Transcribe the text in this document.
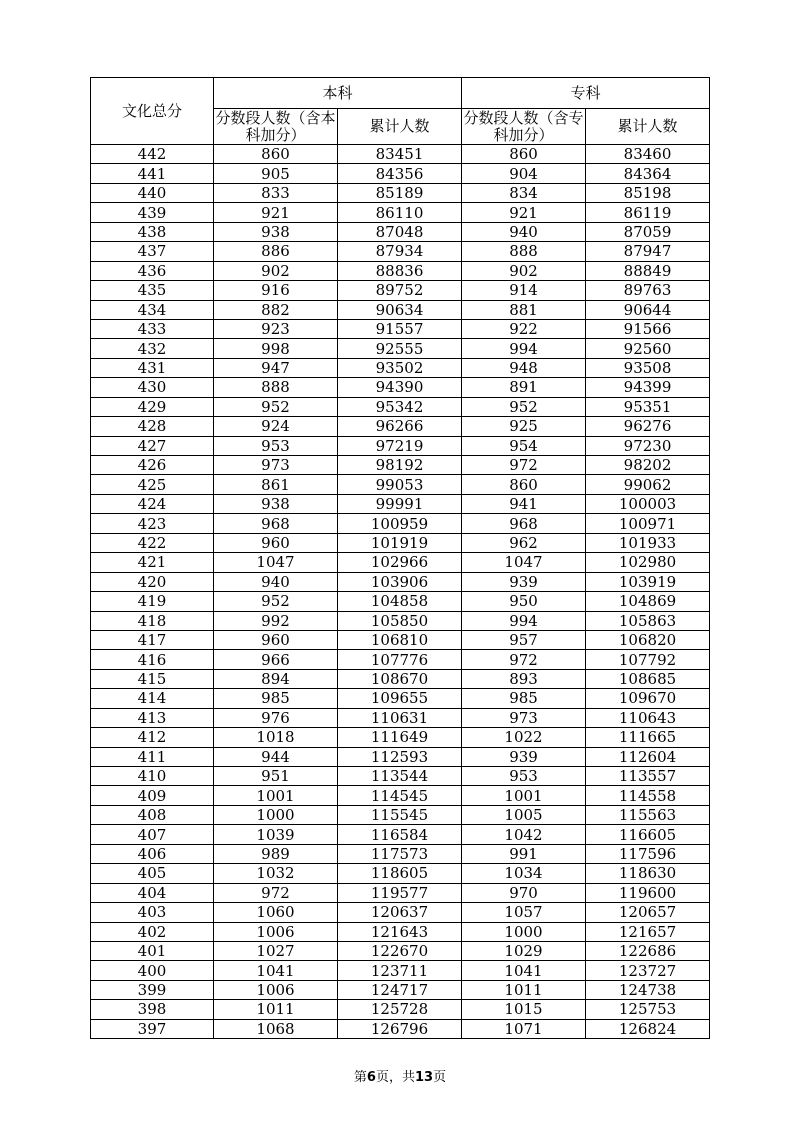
文化总分	本科		专科	
	分数段人数（含本科加分）	累计人数	分数段人数（含专科加分）	累计人数
442	860	83451	860	83460
441	905	84356	904	84364
440	833	85189	834	85198
439	921	86110	921	86119
438	938	87048	940	87059
437	886	87934	888	87947
436	902	88836	902	88849
435	916	89752	914	89763
434	882	90634	881	90644
433	923	91557	922	91566
432	998	92555	994	92560
431	947	93502	948	93508
430	888	94390	891	94399
429	952	95342	952	95351
428	924	96266	925	96276
427	953	97219	954	97230
426	973	98192	972	98202
425	861	99053	860	99062
424	938	99991	941	100003
423	968	100959	968	100971
422	960	101919	962	101933
421	1047	102966	1047	102980
420	940	103906	939	103919
419	952	104858	950	104869
418	992	105850	994	105863
417	960	106810	957	106820
416	966	107776	972	107792
415	894	108670	893	108685
414	985	109655	985	109670
413	976	110631	973	110643
412	1018	111649	1022	111665
411	944	112593	939	112604
410	951	113544	953	113557
409	1001	114545	1001	114558
408	1000	115545	1005	115563
407	1039	116584	1042	116605
406	989	117573	991	117596
405	1032	118605	1034	118630
404	972	119577	970	119600
403	1060	120637	1057	120657
402	1006	121643	1000	121657
401	1027	122670	1029	122686
400	1041	123711	1041	123727
399	1006	124717	1011	124738
398	1011	125728	1015	125753
397	1068	126796	1071	126824
第6页，共13页
